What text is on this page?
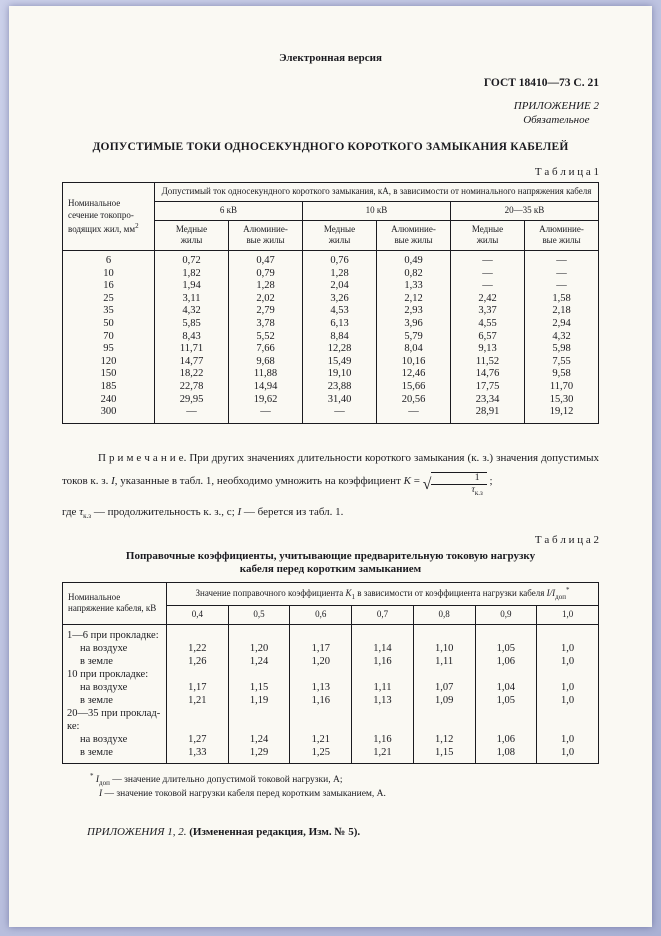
Электронная версия
ГОСТ 18410—73 С. 21
ПРИЛОЖЕНИЕ 2
Обязательное
ДОПУСТИМЫЕ ТОКИ ОДНОСЕКУНДНОГО КОРОТКОГО ЗАМЫКАНИЯ КАБЕЛЕЙ
Т а б л и ц а 1
Номинальное сечение токопро-водящих жил, $мм^2$	Допустимый ток односекундного короткого замыкания, кА, в зависимости от номинального напряжения кабеля					
	6 кВ		10 кВ		20—35 кВ	
	Медные жилы	Алюминие- вые жилы	Медные жилы	Алюминие- вые жилы	Медные жилы	Алюминие- вые жилы
6	0,72	0,47	0,76	0,49	—	—
10	1,82	0,79	1,28	0,82	—	—
16	1,94	1,28	2,04	1,33	—	—
25	3,11	2,02	3,26	2,12	2,42	1,58
35	4,32	2,79	4,53	2,93	3,37	2,18
50	5,85	3,78	6,13	3,96	4,55	2,94
70	8,43	5,52	8,84	5,79	6,57	4,32
95	11,71	7,66	12,28	8,04	9,13	5,98
120	14,77	9,68	15,49	10,16	11,52	7,55
150	18,22	11,88	19,10	12,46	14,76	9,58
185	22,78	14,94	23,88	15,66	17,75	11,70
240	29,95	19,62	31,40	20,56	23,34	15,30
300	—	—	—	—	28,91	19,12

П р и м е ч а н и е. При других значениях длительности короткого замыкания (к. з.) значения допустимых токов к. з. I, указанные в табл. 1, необходимо умножить на коэффициент K = √ $\frac{1}{\tau_{к.з}}$ ;

где $\tau_{к.з}$ — продолжительность к. з., с; I — берется из табл. 1.

Т а б л и ц а 2
Поправочные коэффициенты, учитывающие предварительную токовую нагрузку
кабеля перед коротким замыканием
Номинальное напряжение кабеля, кВ	Значение поправочного коэффициента $K_1$ в зависимости от коэффициента нагрузки кабеля $I/I_{доп}^*$
	0,4	0,5	0,6	0,7	0,8	0,9	1,0
1—6 при прокладке:							
на воздухе	1,22	1,20	1,17	1,14	1,10	1,05	1,0
в земле	1,26	1,24	1,20	1,16	1,11	1,06	1,0
10 при прокладке:							
на воздухе	1,17	1,15	1,13	1,11	1,07	1,04	1,0
в земле	1,21	1,19	1,16	1,13	1,09	1,05	1,0
20—35 при проклад-ке:							
на воздухе	1,27	1,24	1,21	1,16	1,12	1,06	1,0
в земле	1,33	1,29	1,25	1,21	1,15	1,08	1,0
* $I_{доп}$ — значение длительно допустимой токовой нагрузки, А;
I — значение токовой нагрузки кабеля перед коротким замыканием, А.
ПРИЛОЖЕНИЯ 1, 2. (Измененная редакция, Изм. № 5).
